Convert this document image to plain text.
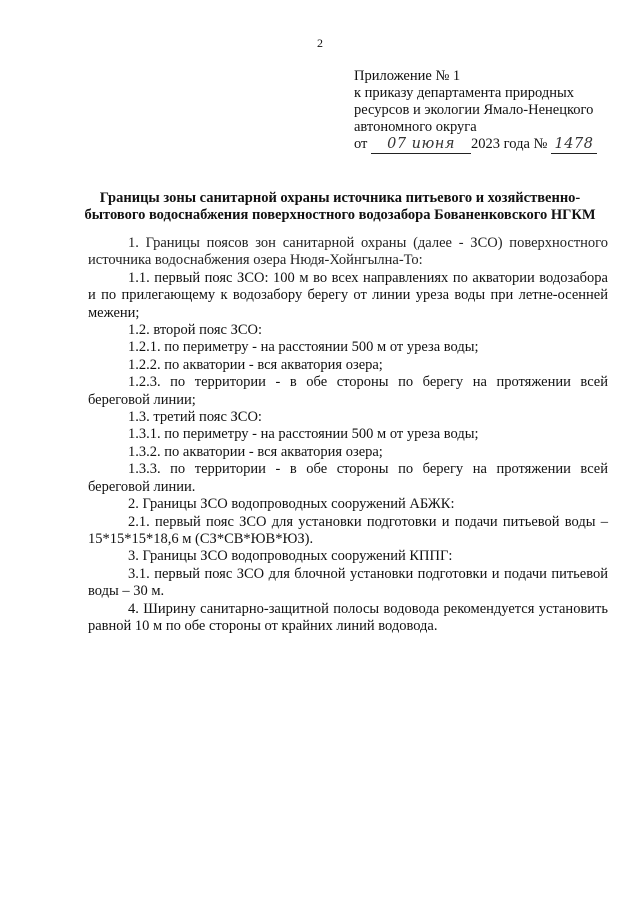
2
Приложение № 1
к приказу департамента природных
ресурсов и экологии Ямало-Ненецкого
автономного округа
от 07 июня 2023 года № 1478
Границы зоны санитарной охраны источника питьевого и хозяйственно-бытового водоснабжения поверхностного водозабора Бованенковского НГКМ

1. Границы поясов зон санитарной охраны (далее - ЗСО) поверхностного источника водоснабжения озера Нюдя-Хойнгылна-То:

1.1. первый пояс ЗСО: 100 м во всех направлениях по акватории водозабора и по прилегающему к водозабору берегу от линии уреза воды при летне-осенней межени;

1.2. второй пояс ЗСО:

1.2.1. по периметру - на расстоянии 500 м от уреза воды;

1.2.2. по акватории - вся акватория озера;

1.2.3. по территории - в обе стороны по берегу на протяжении всей береговой линии;

1.3. третий пояс ЗСО:

1.3.1. по периметру - на расстоянии 500 м от уреза воды;

1.3.2. по акватории - вся акватория озера;

1.3.3. по территории - в обе стороны по берегу на протяжении всей береговой линии.

2. Границы ЗСО водопроводных сооружений АБЖК:

2.1. первый пояс ЗСО для установки подготовки и подачи питьевой воды – 15*15*15*18,6 м (СЗ*СВ*ЮВ*ЮЗ).

3. Границы ЗСО водопроводных сооружений КППГ:

3.1. первый пояс ЗСО для блочной установки подготовки и подачи питьевой воды – 30 м.

4. Ширину санитарно-защитной полосы водовода рекомендуется установить равной 10 м по обе стороны от крайних линий водовода.
